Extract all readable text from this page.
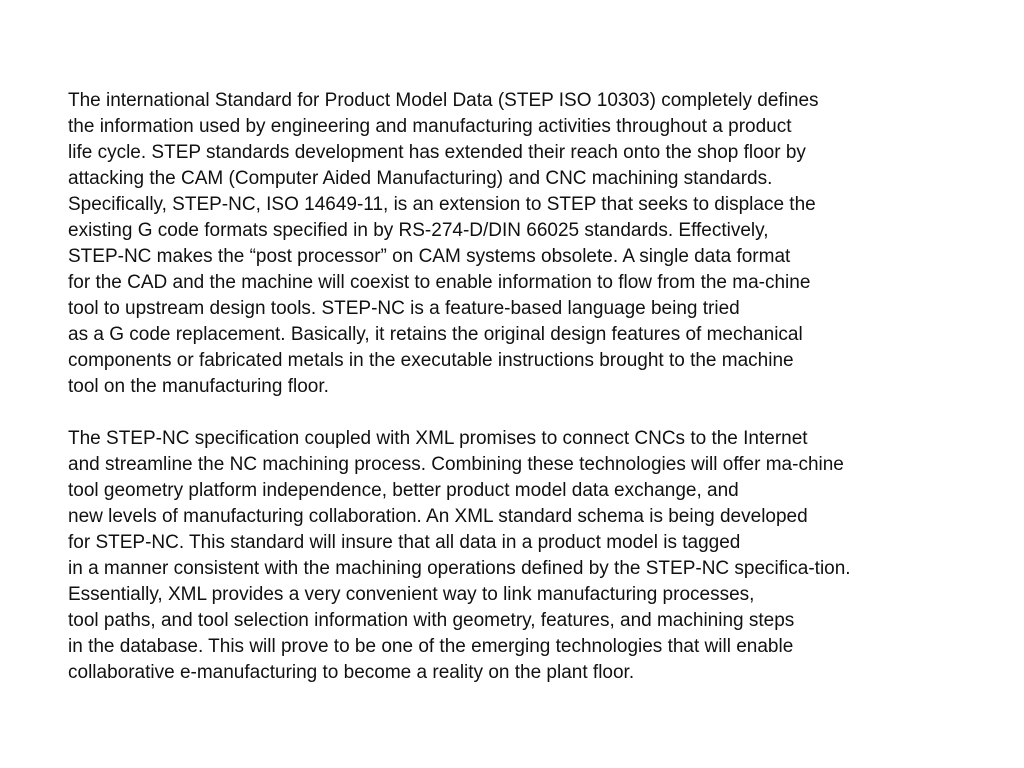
The international Standard for Product Model Data (STEP ISO 10303) completely defines
the information used by engineering and manufacturing activities throughout a product
life cycle. STEP standards development has extended their reach onto the shop floor by
attacking the CAM (Computer Aided Manufacturing) and CNC machining standards.
Specifically, STEP-NC, ISO 14649-11, is an extension to STEP that seeks to displace the
existing G code formats specified in by RS-274-D/DIN 66025 standards. Effectively,
STEP-NC makes the “post processor” on CAM systems obsolete. A single data format
for the CAD and the machine will coexist to enable information to flow from the ma-chine
tool to upstream design tools. STEP-NC is a feature-based language being tried
as a G code replacement. Basically, it retains the original design features of mechanical
components or fabricated metals in the executable instructions brought to the machine
tool on the manufacturing floor.
The STEP-NC specification coupled with XML promises to connect CNCs to the Internet
and streamline the NC machining process. Combining these technologies will offer ma-chine
tool geometry platform independence, better product model data exchange, and
new levels of manufacturing collaboration. An XML standard schema is being developed
for STEP-NC. This standard will insure that all data in a product model is tagged
in a manner consistent with the machining operations defined by the STEP-NC specifica-tion.
Essentially, XML provides a very convenient way to link manufacturing processes,
tool paths, and tool selection information with geometry, features, and machining steps
in the database. This will prove to be one of the emerging technologies that will enable
collaborative e-manufacturing to become a reality on the plant floor.
